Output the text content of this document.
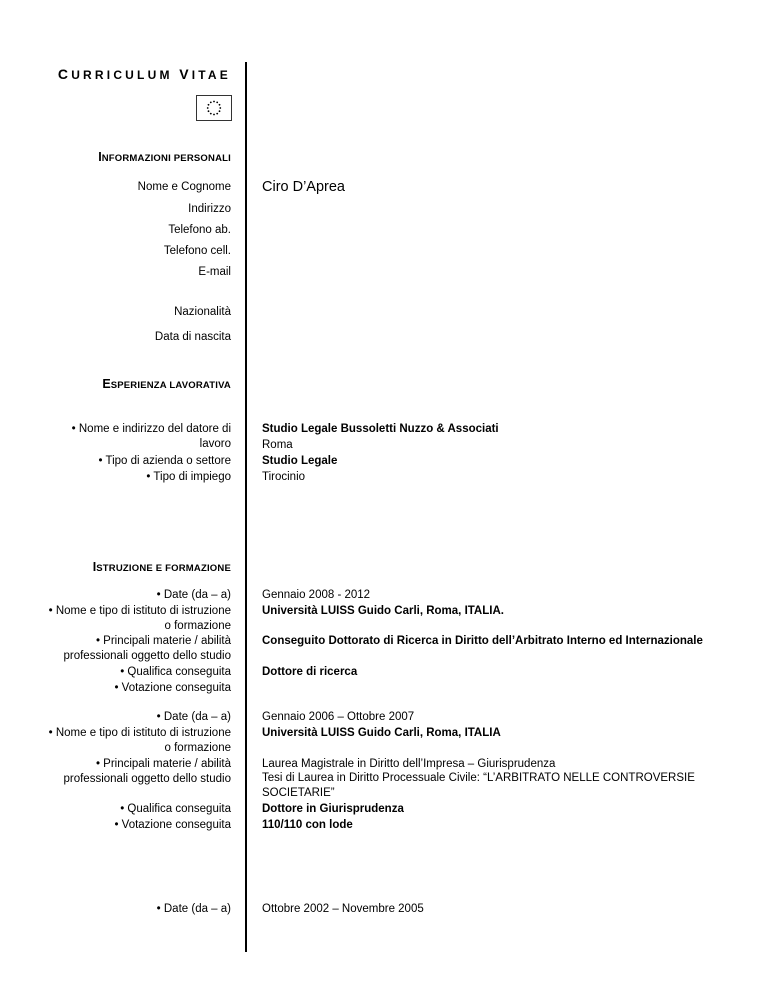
CURRICULUM VITAE
INFORMAZIONI PERSONALI
Nome e Cognome Ciro D’Aprea
Indirizzo
Telefono ab.
Telefono cell.
E-mail
Nazionalità
Data di nascita
ESPERIENZA LAVORATIVA
• Nome e indirizzo del datore di lavoro
• Tipo di azienda o settore
• Tipo di impiego
Studio Legale Bussoletti Nuzzo & Associati
Roma
Studio Legale
Tirocinio
ISTRUZIONE E FORMAZIONE
• Date (da – a)
• Nome e tipo di istituto di istruzione o formazione
• Principali materie / abilità professionali oggetto dello studio
• Qualifica conseguita
• Votazione conseguita
Gennaio 2008 - 2012
Università LUISS Guido Carli, Roma, ITALIA.
Conseguito Dottorato di Ricerca in Diritto dell’Arbitrato Interno ed Internazionale
Dottore di ricerca
• Date (da – a)
• Nome e tipo di istituto di istruzione o formazione
• Principali materie / abilità professionali oggetto dello studio
• Qualifica conseguita
• Votazione conseguita
Gennaio 2006 – Ottobre 2007
Università LUISS Guido Carli, Roma, ITALIA
Laurea Magistrale in Diritto dell’Impresa – Giurisprudenza
Tesi di Laurea in Diritto Processuale Civile: “L’ARBITRATO NELLE CONTROVERSIE SOCIETARIE”
Dottore in Giurisprudenza
110/110 con lode
• Date (da – a)	Ottobre 2002 – Novembre 2005
